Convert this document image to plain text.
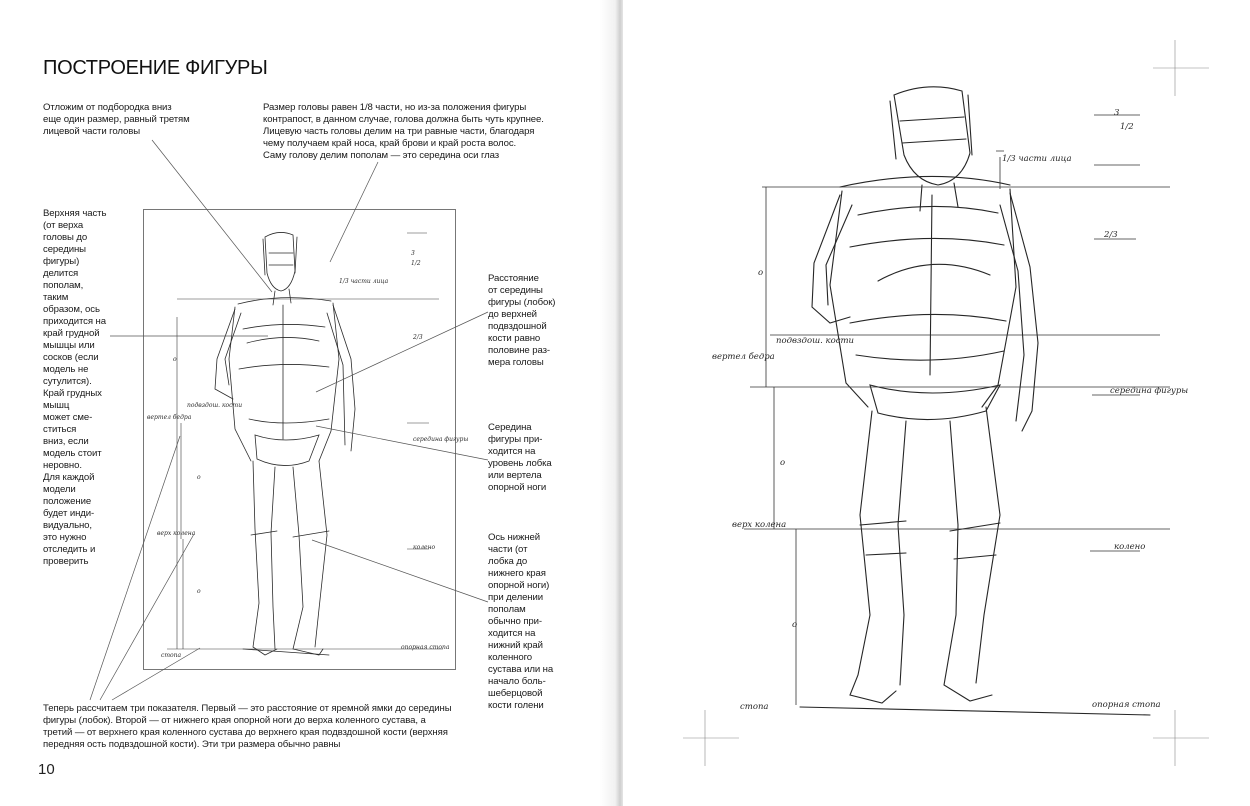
ПОСТРОЕНИЕ ФИГУРЫ
Отложим от подбородка вниз
еще один размер, равный третям
лицевой части головы
Размер головы равен 1/8 части, но из-за положения фигуры
контрапост, в данном случае, голова должна быть чуть крупнее.
Лицевую часть головы делим на три равные части, благодаря
чему получаем край носа, край брови и край роста волос.
Саму голову делим пополам — это середина оси глаз
Верхняя часть
(от верха
головы до
середины
фигуры)
делится
пополам,
таким
образом, ось
приходится на
край грудной
мышцы или
сосков (если
модель не
сутулится).
Край грудных
мышц
может сме-
ститься
вниз, если
модель стоит
неровно.
Для каждой
модели
положение
будет инди-
видуально,
это нужно
отследить и
проверить
Расстояние
от середины
фигуры (лобок)
до верхней
подвздошной
кости равно
половине раз-
мера головы
Середина
фигуры при-
ходится на
уровень лобка
или вертела
опорной ноги
Ось нижней
части (от
лобка до
нижнего края
опорной ноги)
при делении
пополам
обычно при-
ходится на
нижний край
коленного
сустава или на
начало боль-
шеберцовой
кости голени
Теперь рассчитаем три показателя. Первый — это расстояние от яремной ямки до середины
фигуры (лобок). Второй — от нижнего края опорной ноги до верха коленного сустава, а
третий — от верхнего края коленного сустава до верхнего края подвздошной кости (верхняя
передняя ость подвздошной кости). Эти три размера обычно равны
3
1/2
1/3 части лица
2/3
подвздош. кости
вертел бедра
середина фигуры
верх колена
колено
опорная стопа
стопа
o
o
o
10
3
1/2
1/3 части лица
2/3
подвздош. кости
вертел бедра
середина фигуры
верх колена
колено
опорная стопа
стопа
o
o
o
